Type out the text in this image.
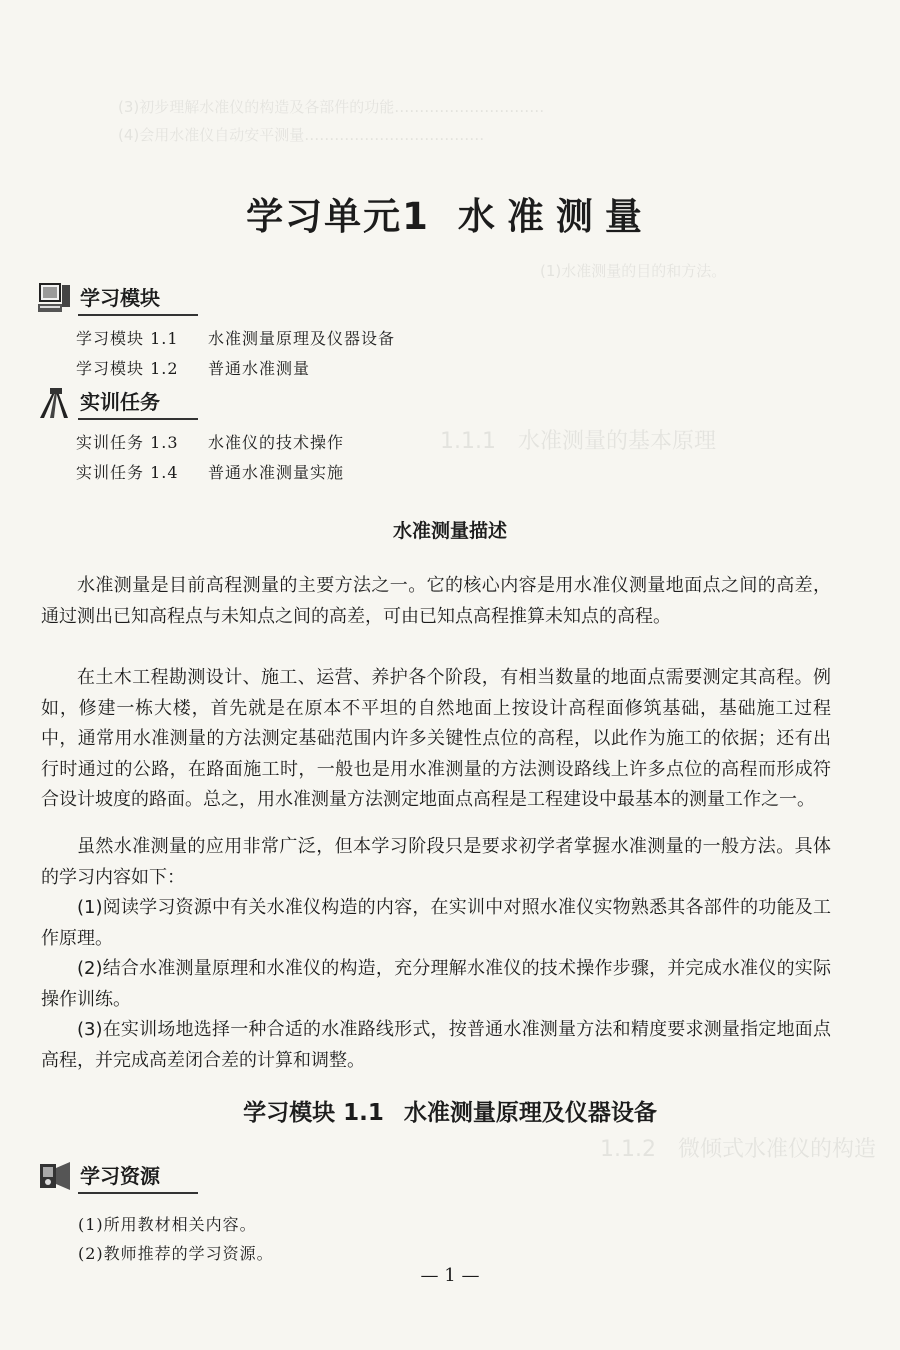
(3)初步理解水准仪的构造及各部件的功能…………………………
(4)会用水准仪自动安平测量………………………………
(1)水准测量的目的和方法。
1.1.1　水准测量的基本原理
1.1.2　微倾式水准仪的构造
学习单元1 水准测量
学习模块
学习模块 1.1 水准测量原理及仪器设备
学习模块 1.2 普通水准测量
实训任务
实训任务 1.3 水准仪的技术操作
实训任务 1.4 普通水准测量实施
水准测量描述

水准测量是目前高程测量的主要方法之一。它的核心内容是用水准仪测量地面点之间的高差，通过测出已知高程点与未知点之间的高差，可由已知点高程推算未知点的高程。

在土木工程勘测设计、施工、运营、养护各个阶段，有相当数量的地面点需要测定其高程。例如，修建一栋大楼，首先就是在原本不平坦的自然地面上按设计高程面修筑基础，基础施工过程中，通常用水准测量的方法测定基础范围内许多关键性点位的高程，以此作为施工的依据；还有出行时通过的公路，在路面施工时，一般也是用水准测量的方法测设路线上许多点位的高程而形成符合设计坡度的路面。总之，用水准测量方法测定地面点高程是工程建设中最基本的测量工作之一。

虽然水准测量的应用非常广泛，但本学习阶段只是要求初学者掌握水准测量的一般方法。具体的学习内容如下：

(1)阅读学习资源中有关水准仪构造的内容，在实训中对照水准仪实物熟悉其各部件的功能及工作原理。

(2)结合水准测量原理和水准仪的构造，充分理解水准仪的技术操作步骤，并完成水准仪的实际操作训练。

(3)在实训场地选择一种合适的水准路线形式，按普通水准测量方法和精度要求测量指定地面点高程，并完成高差闭合差的计算和调整。

学习模块 1.1 水准测量原理及仪器设备
学习资源
(1)所用教材相关内容。
(2)教师推荐的学习资源。
— 1 —
